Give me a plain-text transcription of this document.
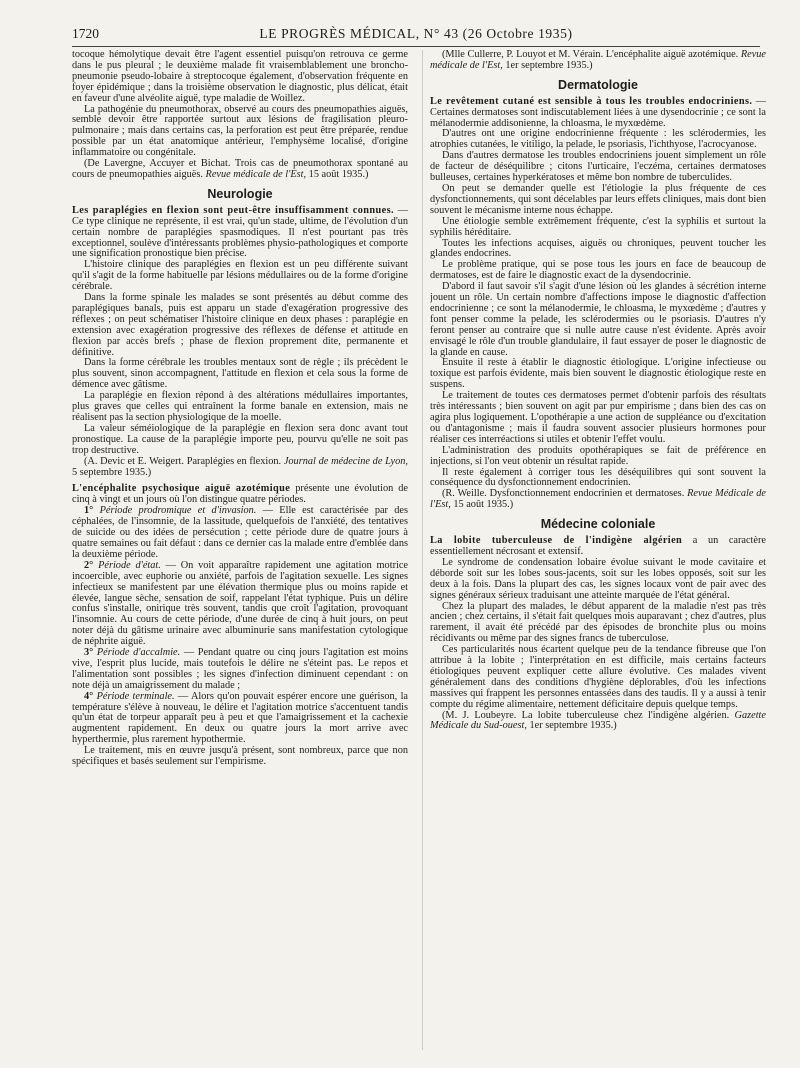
1720	LE PROGRÈS MÉDICAL, N° 43 (26 Octobre 1935)

tocoque hémolytique devait être l'agent essentiel puisqu'on retrouva ce germe dans le pus pleural ; le deuxième malade fit vraisemblablement une broncho-pneumonie pseudo-lobaire à streptocoque également, d'observation fréquente en foyer épidémique ; dans la troisième observation le diagnostic, plus délicat, était en faveur d'une alvéolite aiguë, type maladie de Woillez.

La pathogénie du pneumothorax, observé au cours des pneumopathies aiguës, semble devoir être rapportée surtout aux lésions de fragilisation pleuro-pulmonaire ; mais dans certains cas, la perforation est peut être préparée, rendue possible par un état anatomique antérieur, l'emphysème localisé, d'origine inflammatoire ou congénitale.

(De Lavergne, Accuyer et Bichat. Trois cas de pneumothorax spontané au cours de pneumopathies aiguës. Revue médicale de l'Est, 15 août 1935.)

Neurologie

Les paraplégies en flexion sont peut-être insuffisamment connues. — Ce type clinique ne représente, il est vrai, qu'un stade, ultime, de l'évolution d'un certain nombre de paraplégies spasmodiques. Il n'est pourtant pas très exceptionnel, soulève d'intéressants problèmes physio-pathologiques et comporte une signification pronostique bien précise.

L'histoire clinique des paraplégies en flexion est un peu différente suivant qu'il s'agit de la forme habituelle par lésions médullaires ou de la forme d'origine cérébrale.

Dans la forme spinale les malades se sont présentés au début comme des paraplégiques banals, puis est apparu un stade d'exagération progressive des réflexes ; on peut schématiser l'histoire clinique en deux phases : paraplégie en extension avec exagération progressive des réflexes de défense et attitude en flexion par accès brefs ; phase de flexion proprement dite, permanente et définitive.

Dans la forme cérébrale les troubles mentaux sont de règle ; ils précèdent le plus souvent, sinon accompagnent, l'attitude en flexion et cela sous la forme de démence avec gâtisme.

La paraplégie en flexion répond à des altérations médullaires importantes, plus graves que celles qui entraînent la forme banale en extension, mais ne réalisent pas la section physiologique de la moelle.

La valeur séméiologique de la paraplégie en flexion sera donc avant tout pronostique. La cause de la paraplégie importe peu, pourvu qu'elle ne soit pas trop destructive.

(A. Devic et E. Weigert. Paraplégies en flexion. Journal de médecine de Lyon, 5 septembre 1935.)

L'encéphalite psychosique aiguë azotémique présente une évolution de cinq à vingt et un jours où l'on distingue quatre périodes.

1° Période prodromique et d'invasion. — Elle est caractérisée par des céphalées, de l'insomnie, de la lassitude, quelquefois de l'anxiété, des tentatives de suicide ou des idées de persécution ; cette période dure de quatre jours à quatre semaines ou fait défaut : dans ce dernier cas la malade entre d'emblée dans la deuxième période.

2° Période d'état. — On voit apparaître rapidement une agitation motrice incoercible, avec euphorie ou anxiété, parfois de l'agitation sexuelle. Les signes infectieux se manifestent par une élévation thermique plus ou moins rapide et élevée, langue sèche, sensation de soif, rappelant l'état typhique. Puis un délire confus s'installe, onirique très souvent, tandis que croît l'agitation, provoquant l'insomnie. Au cours de cette période, d'une durée de cinq à huit jours, on peut noter déjà du gâtisme urinaire avec albuminurie sans manifestation cytologique de néphrite aiguë.

3° Période d'accalmie. — Pendant quatre ou cinq jours l'agitation est moins vive, l'esprit plus lucide, mais toutefois le délire ne s'éteint pas. Le repos et l'alimentation sont possibles ; les signes d'infection diminuent cependant : on note déjà un amaigrissement du malade ;

4° Période terminale. — Alors qu'on pouvait espérer encore une guérison, la température s'élève à nouveau, le délire et l'agitation motrice s'accentuent tandis qu'un état de torpeur apparaît peu à peu et que l'amaigrissement et la cachexie augmentent rapidement. En deux ou quatre jours la mort arrive avec hyperthermie, plus rarement hypothermie.

Le traitement, mis en œuvre jusqu'à présent, sont nombreux, parce que non spécifiques et basés seulement sur l'empirisme.

(Mlle Cullerre, P. Louyot et M. Vérain. L'encéphalite aiguë azotémique. Revue médicale de l'Est, 1er septembre 1935.)

Dermatologie

Le revêtement cutané est sensible à tous les troubles endocriniens. — Certaines dermatoses sont indiscutablement liées à une dysendocrinie ; ce sont la mélanodermie addisonienne, la chloasma, le myxœdème.

D'autres ont une origine endocrinienne fréquente : les sclérodermies, les atrophies cutanées, le vitiligo, la pelade, le psoriasis, l'ichthyose, l'acrocyanose.

Dans d'autres dermatose les troubles endocriniens jouent simplement un rôle de facteur de déséquilibre ; citons l'urticaire, l'eczéma, certaines dermatoses bulleuses, certaines hyperkératoses et même bon nombre de tuberculides.

On peut se demander quelle est l'étiologie la plus fréquente de ces dysfonctionnements, qui sont décelables par leurs effets cliniques, mais dont bien souvent le mécanisme interne nous échappe.

Une étiologie semble extrêmement fréquente, c'est la syphilis et surtout la syphilis héréditaire.

Toutes les infections acquises, aiguës ou chroniques, peuvent toucher les glandes endocrines.

Le problème pratique, qui se pose tous les jours en face de beaucoup de dermatoses, est de faire le diagnostic exact de la dysendocrinie.

D'abord il faut savoir s'il s'agit d'une lésion où les glandes à sécrétion interne jouent un rôle. Un certain nombre d'affections impose le diagnostic d'affection endocrinienne ; ce sont la mélanodermie, le chloasma, le myxœdème ; d'autres y font penser comme la pelade, les sclérodermies ou le psoriasis. D'autres n'y feront penser au contraire que si nulle autre cause n'est évidente. Après avoir envisagé le rôle d'un trouble glandulaire, il faut essayer de poser le diagnostic de la glande en cause.

Ensuite il reste à établir le diagnostic étiologique. L'origine infectieuse ou toxique est parfois évidente, mais bien souvent le diagnostic étiologique reste en suspens.

Le traitement de toutes ces dermatoses permet d'obtenir parfois des résultats très intéressants ; bien souvent on agit par pur empirisme ; dans bien des cas on agira plus logiquement. L'opothérapie a une action de suppléance ou d'excitation ou d'antagonisme ; mais il faudra souvent associer plusieurs hormones pour réaliser ces interréactions si utiles et obtenir l'effet voulu.

L'administration des produits opothérapiques se fait de préférence en injections, si l'on veut obtenir un résultat rapide.

Il reste également à corriger tous les déséquilibres qui sont souvent la conséquence du dysfonctionnement endocrinien.

(R. Weille. Dysfonctionnement endocrinien et dermatoses. Revue Médicale de l'Est, 15 août 1935.)

Médecine coloniale

La lobite tuberculeuse de l'indigène algérien a un caractère essentiellement nécrosant et extensif.

Le syndrome de condensation lobaire évolue suivant le mode cavitaire et déborde soit sur les lobes sous-jacents, soit sur les lobes opposés, soit sur les deux à la fois. Dans la plupart des cas, les signes locaux vont de pair avec des signes généraux sérieux traduisant une atteinte marquée de l'état général.

Chez la plupart des malades, le début apparent de la maladie n'est pas très ancien ; chez certains, il s'était fait quelques mois auparavant ; chez d'autres, plus rarement, il avait été précédé par des épisodes de bronchite plus ou moins récidivants ou même par des signes francs de tuberculose.

Ces particularités nous écartent quelque peu de la tendance fibreuse que l'on attribue à la lobite ; l'interprétation en est difficile, mais certains facteurs étiologiques peuvent expliquer cette allure évolutive. Ces malades vivent généralement dans des conditions d'hygiène déplorables, d'où les infections massives qui frappent les personnes entassées dans des taudis. Il y a aussi à tenir compte du régime alimentaire, nettement déficitaire depuis quelque temps.

(M. J. Loubeyre. La lobite tuberculeuse chez l'indigène algérien. Gazette Médicale du Sud-ouest, 1er septembre 1935.)
